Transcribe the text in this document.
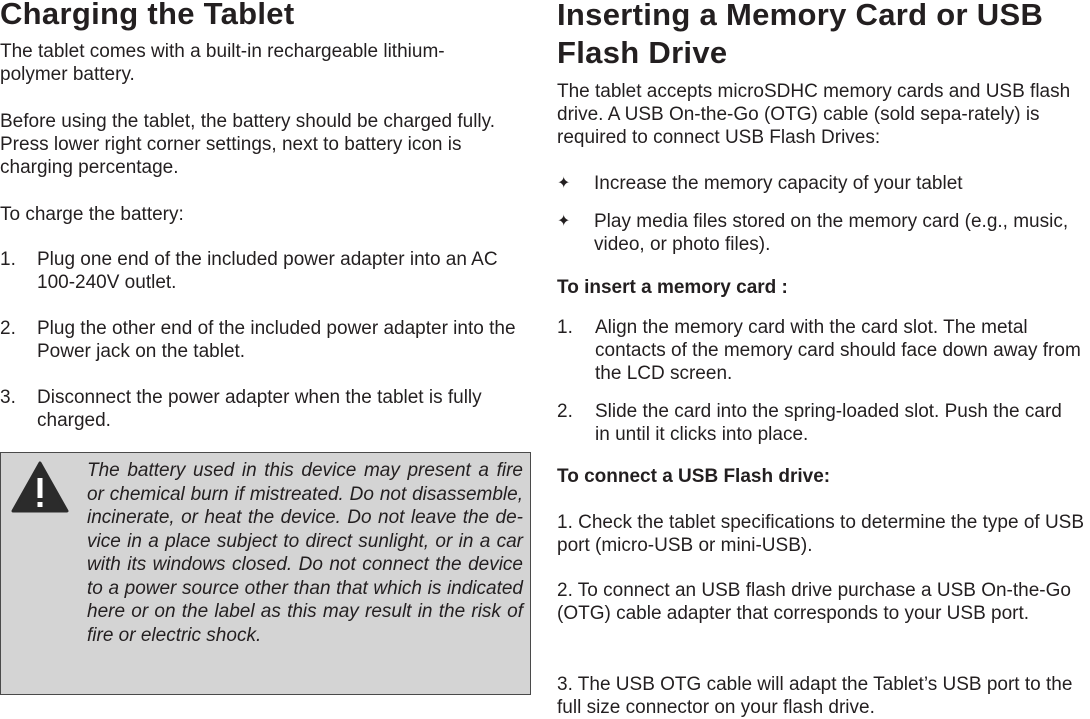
Charging the Tablet

The tablet comes with a built-in rechargeable lithium-polymer battery.

Before using the tablet, the battery should be charged fully. Press lower right corner settings, next to battery icon is charging percentage.

To charge the battery:

1. Plug one end of the included power adapter into an AC 100-240V outlet.
2. Plug the other end of the included power adapter into the Power jack on the tablet.
3. Disconnect the power adapter when the tablet is fully charged.
The battery used in this device may present a fire or chemical burn if mistreated. Do not disassemble, incinerate, or heat the device. Do not leave the de-vice in a place subject to direct sunlight, or in a car with its windows closed. Do not connect the device to a power source other than that which is indicated here or on the label as this may result in the risk of fire or electric shock.
Inserting a Memory Card or USB Flash Drive

The tablet accepts microSDHC memory cards and USB flash drive. A USB On-the-Go (OTG) cable (sold sepa-rately) is required to connect USB Flash Drives:

✦ Increase the memory capacity of your tablet
✦ Play media files stored on the memory card (e.g., music, video, or photo files).

To insert a memory card :

1. Align the memory card with the card slot. The metal contacts of the memory card should face down away from the LCD screen.
2. Slide the card into the spring-loaded slot. Push the card in until it clicks into place.

To connect a USB Flash drive:

1. Check the tablet specifications to determine the type of USB port (micro-USB or mini-USB).

2. To connect an USB flash drive purchase a USB On-the-Go (OTG) cable adapter that corresponds to your USB port.

3. The USB OTG cable will adapt the Tablet’s USB port to the full size connector on your flash drive.
